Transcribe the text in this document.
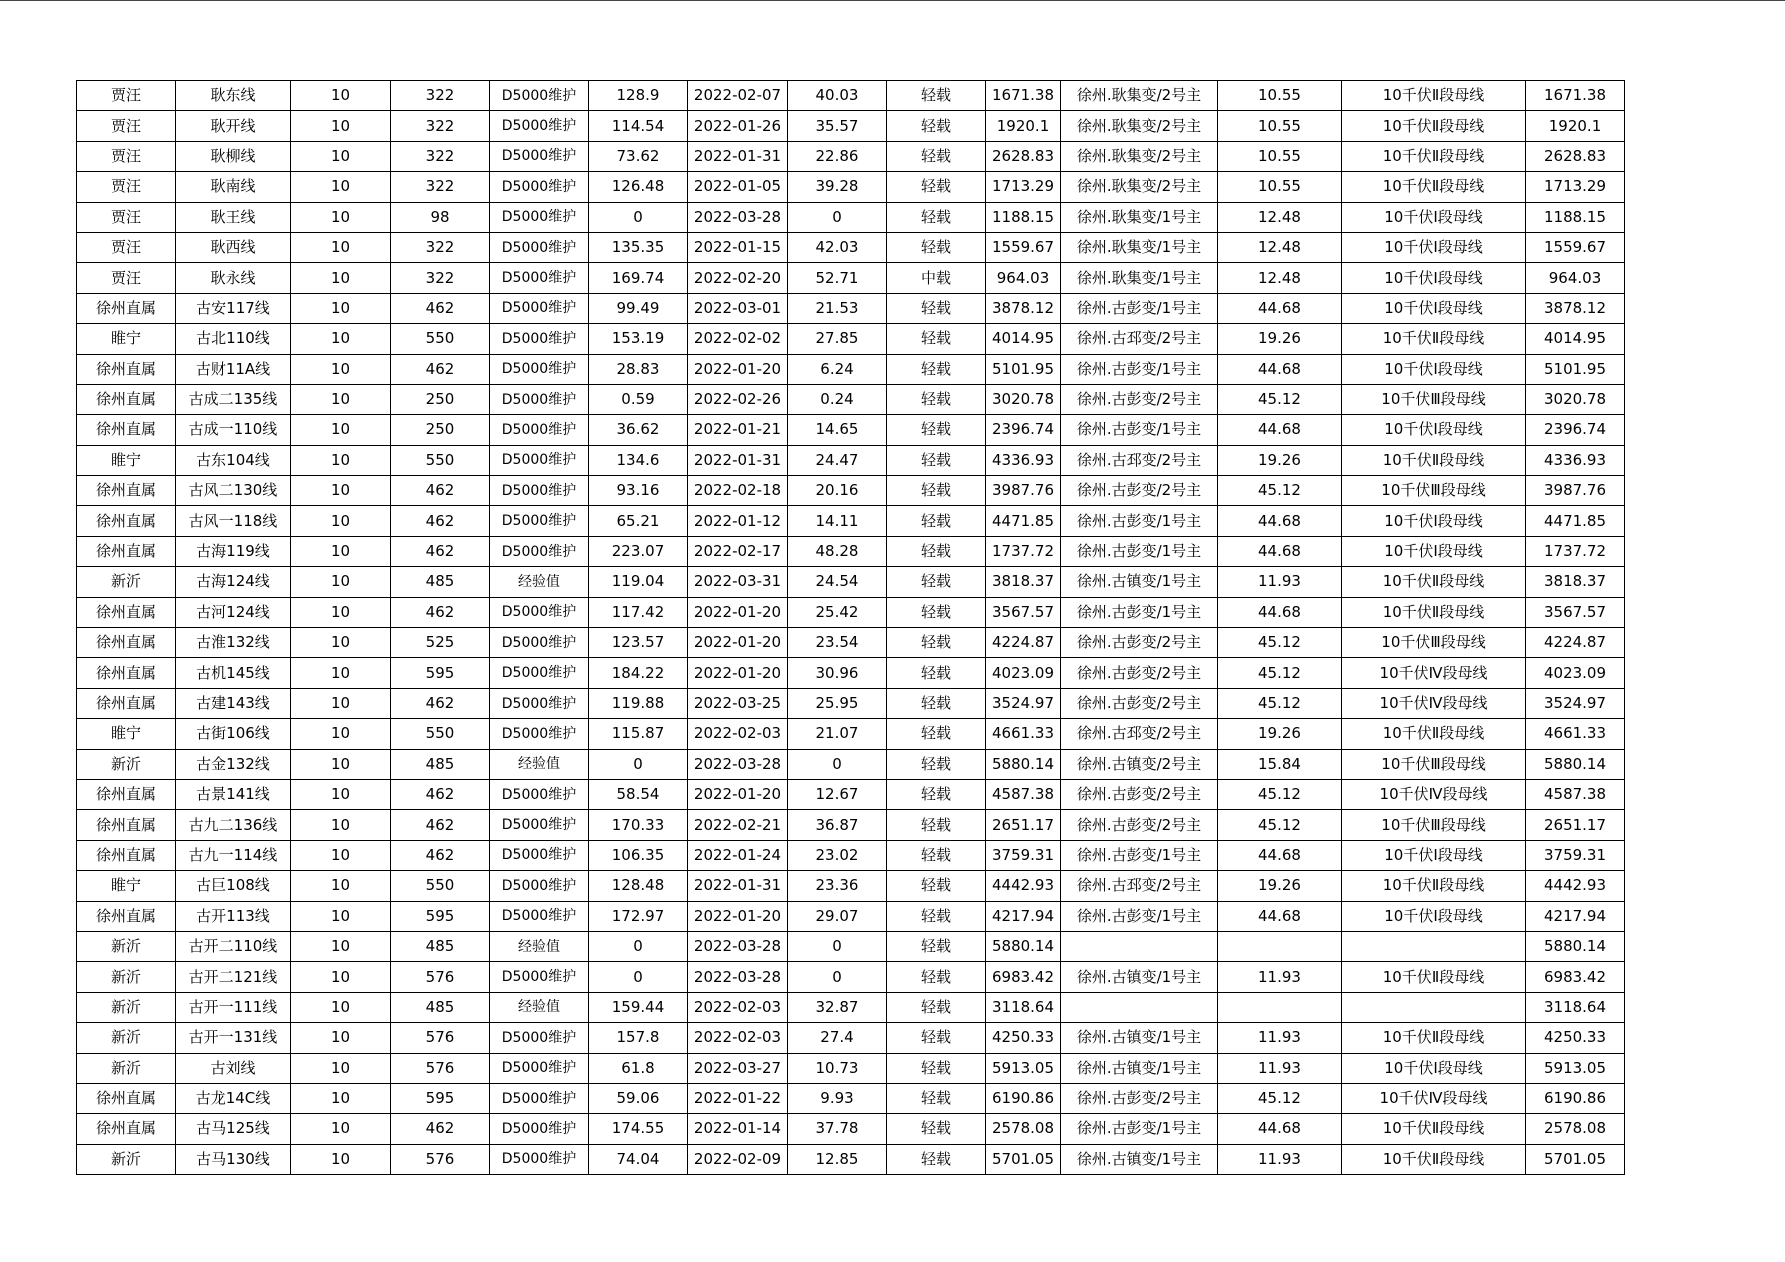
贾汪	耿东线	10	322	D5000维护	128.9	2022-02-07	40.03	轻载	1671.38	徐州.耿集变/2号主	10.55	10千伏Ⅱ段母线	1671.38
贾汪	耿开线	10	322	D5000维护	114.54	2022-01-26	35.57	轻载	1920.1	徐州.耿集变/2号主	10.55	10千伏Ⅱ段母线	1920.1
贾汪	耿柳线	10	322	D5000维护	73.62	2022-01-31	22.86	轻载	2628.83	徐州.耿集变/2号主	10.55	10千伏Ⅱ段母线	2628.83
贾汪	耿南线	10	322	D5000维护	126.48	2022-01-05	39.28	轻载	1713.29	徐州.耿集变/2号主	10.55	10千伏Ⅱ段母线	1713.29
贾汪	耿王线	10	98	D5000维护	0	2022-03-28	0	轻载	1188.15	徐州.耿集变/1号主	12.48	10千伏Ⅰ段母线	1188.15
贾汪	耿西线	10	322	D5000维护	135.35	2022-01-15	42.03	轻载	1559.67	徐州.耿集变/1号主	12.48	10千伏Ⅰ段母线	1559.67
贾汪	耿永线	10	322	D5000维护	169.74	2022-02-20	52.71	中载	964.03	徐州.耿集变/1号主	12.48	10千伏Ⅰ段母线	964.03
徐州直属	古安117线	10	462	D5000维护	99.49	2022-03-01	21.53	轻载	3878.12	徐州.古彭变/1号主	44.68	10千伏Ⅰ段母线	3878.12
睢宁	古北110线	10	550	D5000维护	153.19	2022-02-02	27.85	轻载	4014.95	徐州.古邳变/2号主	19.26	10千伏Ⅱ段母线	4014.95
徐州直属	古财11A线	10	462	D5000维护	28.83	2022-01-20	6.24	轻载	5101.95	徐州.古彭变/1号主	44.68	10千伏Ⅰ段母线	5101.95
徐州直属	古成二135线	10	250	D5000维护	0.59	2022-02-26	0.24	轻载	3020.78	徐州.古彭变/2号主	45.12	10千伏Ⅲ段母线	3020.78
徐州直属	古成一110线	10	250	D5000维护	36.62	2022-01-21	14.65	轻载	2396.74	徐州.古彭变/1号主	44.68	10千伏Ⅰ段母线	2396.74
睢宁	古东104线	10	550	D5000维护	134.6	2022-01-31	24.47	轻载	4336.93	徐州.古邳变/2号主	19.26	10千伏Ⅱ段母线	4336.93
徐州直属	古风二130线	10	462	D5000维护	93.16	2022-02-18	20.16	轻载	3987.76	徐州.古彭变/2号主	45.12	10千伏Ⅲ段母线	3987.76
徐州直属	古风一118线	10	462	D5000维护	65.21	2022-01-12	14.11	轻载	4471.85	徐州.古彭变/1号主	44.68	10千伏Ⅰ段母线	4471.85
徐州直属	古海119线	10	462	D5000维护	223.07	2022-02-17	48.28	轻载	1737.72	徐州.古彭变/1号主	44.68	10千伏Ⅰ段母线	1737.72
新沂	古海124线	10	485	经验值	119.04	2022-03-31	24.54	轻载	3818.37	徐州.古镇变/1号主	11.93	10千伏Ⅱ段母线	3818.37
徐州直属	古河124线	10	462	D5000维护	117.42	2022-01-20	25.42	轻载	3567.57	徐州.古彭变/1号主	44.68	10千伏Ⅱ段母线	3567.57
徐州直属	古淮132线	10	525	D5000维护	123.57	2022-01-20	23.54	轻载	4224.87	徐州.古彭变/2号主	45.12	10千伏Ⅲ段母线	4224.87
徐州直属	古机145线	10	595	D5000维护	184.22	2022-01-20	30.96	轻载	4023.09	徐州.古彭变/2号主	45.12	10千伏Ⅳ段母线	4023.09
徐州直属	古建143线	10	462	D5000维护	119.88	2022-03-25	25.95	轻载	3524.97	徐州.古彭变/2号主	45.12	10千伏Ⅳ段母线	3524.97
睢宁	古街106线	10	550	D5000维护	115.87	2022-02-03	21.07	轻载	4661.33	徐州.古邳变/2号主	19.26	10千伏Ⅱ段母线	4661.33
新沂	古金132线	10	485	经验值	0	2022-03-28	0	轻载	5880.14	徐州.古镇变/2号主	15.84	10千伏Ⅲ段母线	5880.14
徐州直属	古景141线	10	462	D5000维护	58.54	2022-01-20	12.67	轻载	4587.38	徐州.古彭变/2号主	45.12	10千伏Ⅳ段母线	4587.38
徐州直属	古九二136线	10	462	D5000维护	170.33	2022-02-21	36.87	轻载	2651.17	徐州.古彭变/2号主	45.12	10千伏Ⅲ段母线	2651.17
徐州直属	古九一114线	10	462	D5000维护	106.35	2022-01-24	23.02	轻载	3759.31	徐州.古彭变/1号主	44.68	10千伏Ⅰ段母线	3759.31
睢宁	古巨108线	10	550	D5000维护	128.48	2022-01-31	23.36	轻载	4442.93	徐州.古邳变/2号主	19.26	10千伏Ⅱ段母线	4442.93
徐州直属	古开113线	10	595	D5000维护	172.97	2022-01-20	29.07	轻载	4217.94	徐州.古彭变/1号主	44.68	10千伏Ⅰ段母线	4217.94
新沂	古开二110线	10	485	经验值	0	2022-03-28	0	轻载	5880.14				5880.14
新沂	古开二121线	10	576	D5000维护	0	2022-03-28	0	轻载	6983.42	徐州.古镇变/1号主	11.93	10千伏Ⅱ段母线	6983.42
新沂	古开一111线	10	485	经验值	159.44	2022-02-03	32.87	轻载	3118.64				3118.64
新沂	古开一131线	10	576	D5000维护	157.8	2022-02-03	27.4	轻载	4250.33	徐州.古镇变/1号主	11.93	10千伏Ⅱ段母线	4250.33
新沂	古刘线	10	576	D5000维护	61.8	2022-03-27	10.73	轻载	5913.05	徐州.古镇变/1号主	11.93	10千伏Ⅰ段母线	5913.05
徐州直属	古龙14C线	10	595	D5000维护	59.06	2022-01-22	9.93	轻载	6190.86	徐州.古彭变/2号主	45.12	10千伏Ⅳ段母线	6190.86
徐州直属	古马125线	10	462	D5000维护	174.55	2022-01-14	37.78	轻载	2578.08	徐州.古彭变/1号主	44.68	10千伏Ⅱ段母线	2578.08
新沂	古马130线	10	576	D5000维护	74.04	2022-02-09	12.85	轻载	5701.05	徐州.古镇变/1号主	11.93	10千伏Ⅱ段母线	5701.05
